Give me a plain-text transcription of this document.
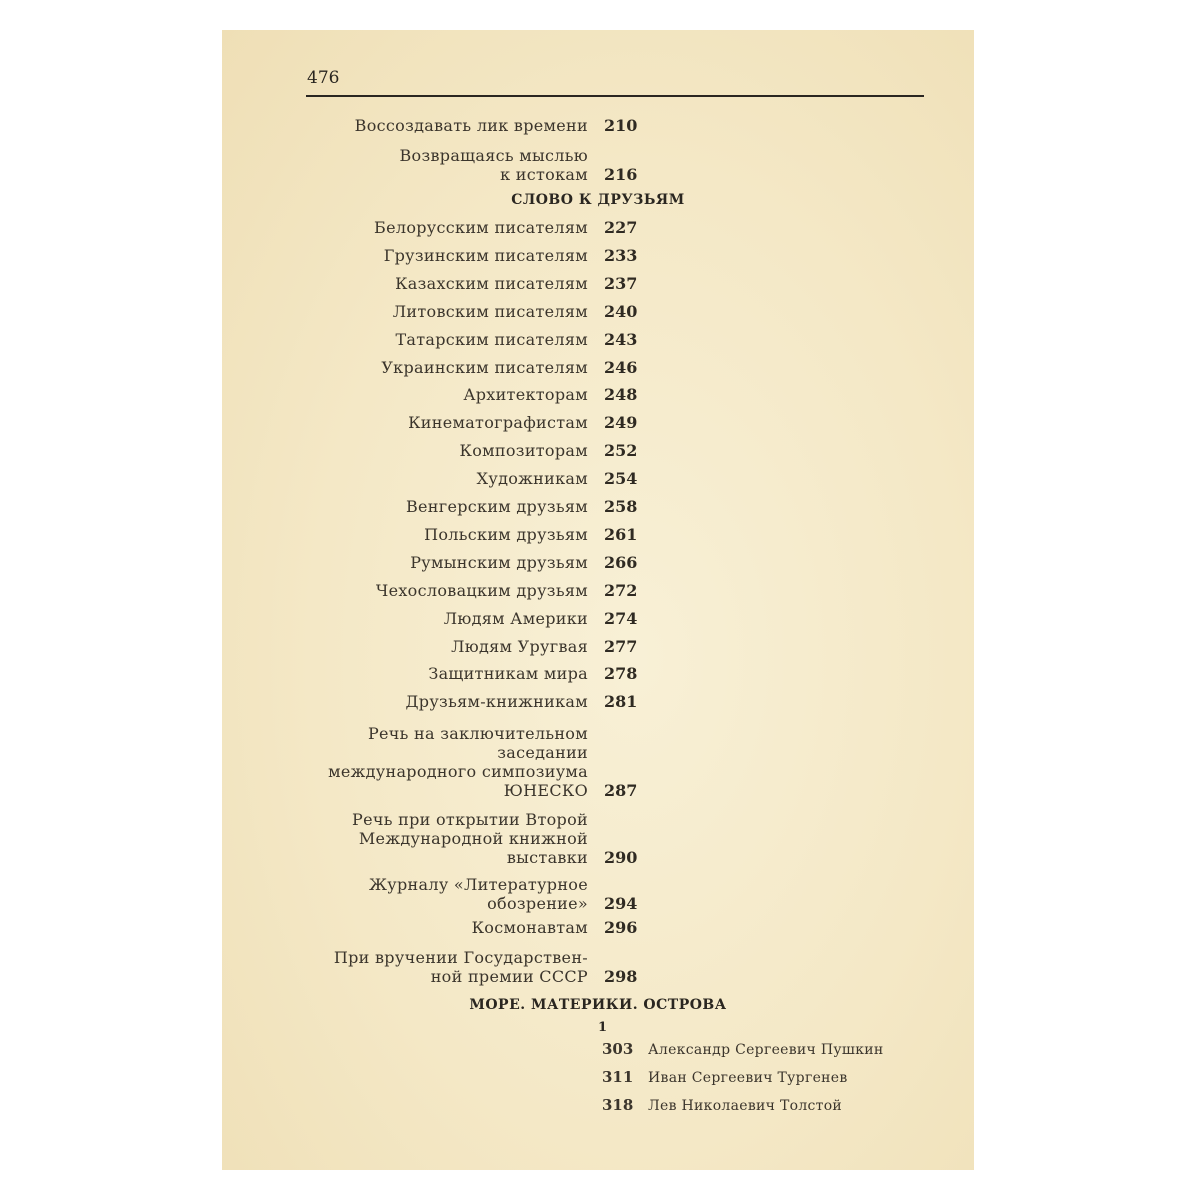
476
Воссоздавать лик времени 210
Возвращаясь мыслью
к истокам 216
СЛОВО К ДРУЗЬЯМ
Белорусским писателям 227
Грузинским писателям 233
Казахским писателям 237
Литовским писателям 240
Татарским писателям 243
Украинским писателям 246
Архитекторам 248
Кинематографистам 249
Композиторам 252
Художникам 254
Венгерским друзьям 258
Польским друзьям 261
Румынским друзьям 266
Чехословацким друзьям 272
Людям Америки 274
Людям Уругвая 277
Защитникам мира 278
Друзьям-книжникам 281
Речь на заключительном
заседании
международного симпозиума
ЮНЕСКО 287
Речь при открытии Второй
Международной книжной
выставки 290
Журналу «Литературное
обозрение» 294
Космонавтам 296
При вручении Государствен-
ной премии СССР 298
МОРЕ. МАТЕРИКИ. ОСТРОВА
1
303 Александр Сергеевич Пушкин
311 Иван Сергеевич Тургенев
318 Лев Николаевич Толстой
